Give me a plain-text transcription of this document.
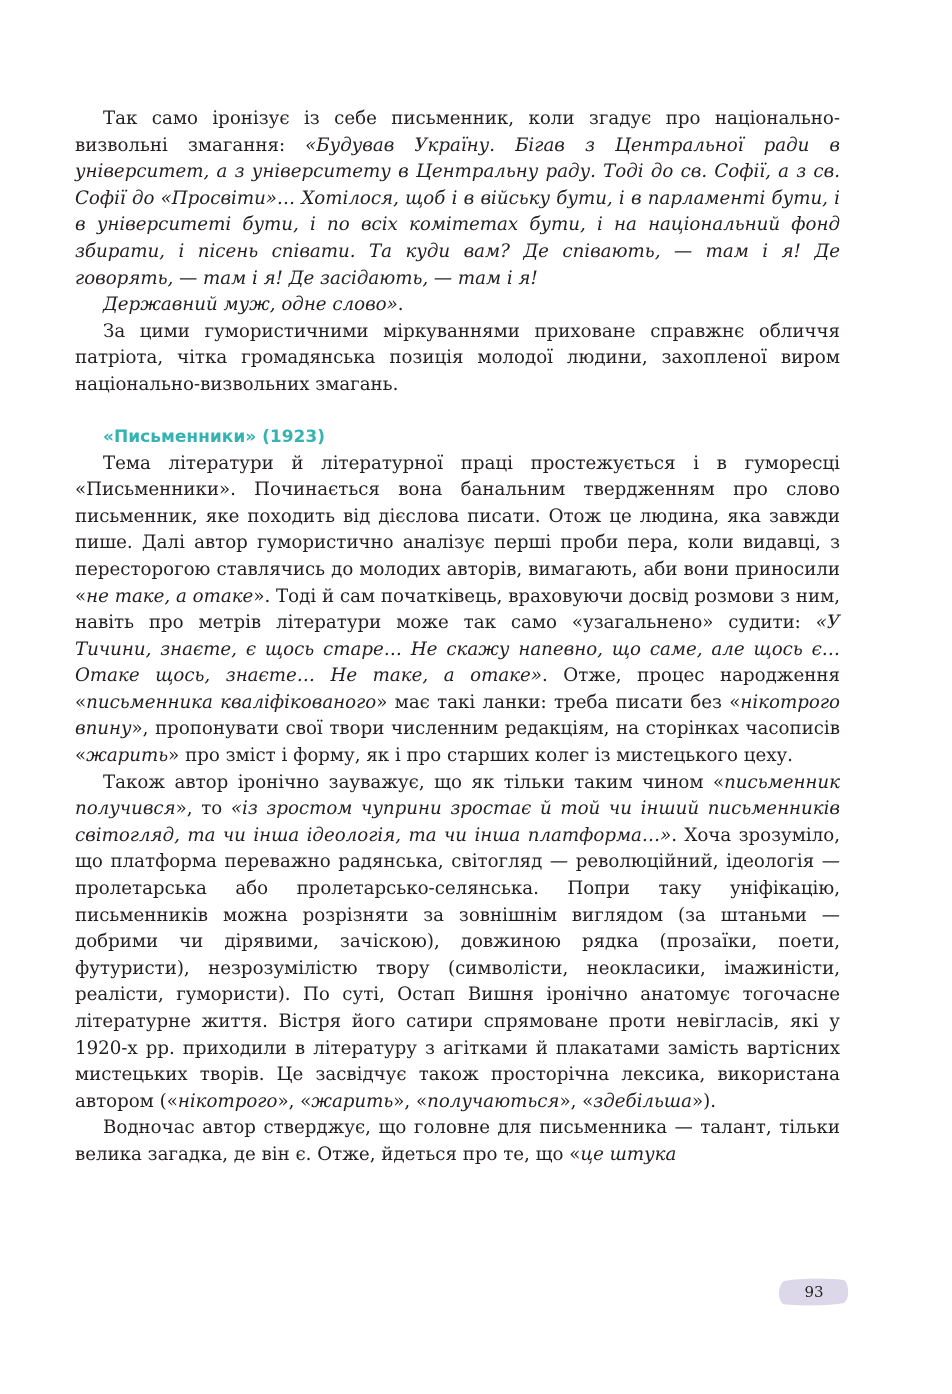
Так само іронізує із себе письменник, коли згадує про національно-визвольні змагання: «Будував Україну. Бігав з Центральної ради в університет, а з університету в Центральну раду. Тоді до св. Софії, а з св. Софії до «Просвіти»… Хотілося, щоб і в війську бути, і в парламенті бути, і в університеті бути, і по всіх комітетах бути, і на національний фонд збирати, і пісень співати. Та куди вам? Де співають, — там і я! Де говорять, — там і я! Де засідають, — там і я!

Державний муж, одне слово».

За цими гумористичними міркуваннями приховане справжнє обличчя патріота, чітка громадянська позиція молодої людини, захопленої виром національно-визвольних змагань.

«Письменники» (1923)

Тема літератури й літературної праці простежується і в гуморесці «Письменники». Починається вона банальним твердженням про слово письменник, яке походить від дієслова писати. Отож це людина, яка завжди пише. Далі автор гумористично аналізує перші проби пера, коли видавці, з пересторогою ставлячись до молодих авторів, вимагають, аби вони приносили «не таке, а отаке». Тоді й сам початківець, враховуючи досвід розмови з ним, навіть про метрів літератури може так само «узагальнено» судити: «У Тичини, знаєте, є щось старе… Не скажу напевно, що саме, але щось є… Отаке щось, знаєте… Не таке, а отаке». Отже, процес народження «письменника кваліфікованого» має такі ланки: треба писати без «нікотрого впину», пропонувати свої твори численним редакціям, на сторінках часописів «жарить» про зміст і форму, як і про старших колег із мистецького цеху.

Також автор іронічно зауважує, що як тільки таким чином «письменник получився», то «із зростом чуприни зростає й той чи інший письменників світогляд, та чи інша ідеологія, та чи інша платформа…». Хоча зрозуміло, що платформа переважно радянська, світогляд — революційний, ідеологія — пролетарська або пролетарсько-селянська. Попри таку уніфікацію, письменників можна розрізняти за зовнішнім виглядом (за штаньми — добрими чи дірявими, зачіскою), довжиною рядка (прозаїки, поети, футуристи), незрозумілістю твору (символісти, неокласики, імажиністи, реалісти, гумористи). По суті, Остап Вишня іронічно анатомує тогочасне літературне життя. Вістря його сатири спрямоване проти невігласів, які у 1920-х рр. приходили в літературу з агітками й плакатами замість вартісних мистецьких творів. Це засвідчує також просторічна лексика, використана автором («нікотрого», «жарить», «получаються», «здебільша»).

Водночас автор стверджує, що головне для письменника — талант, тільки велика загадка, де він є. Отже, йдеться про те, що «це штука

93
